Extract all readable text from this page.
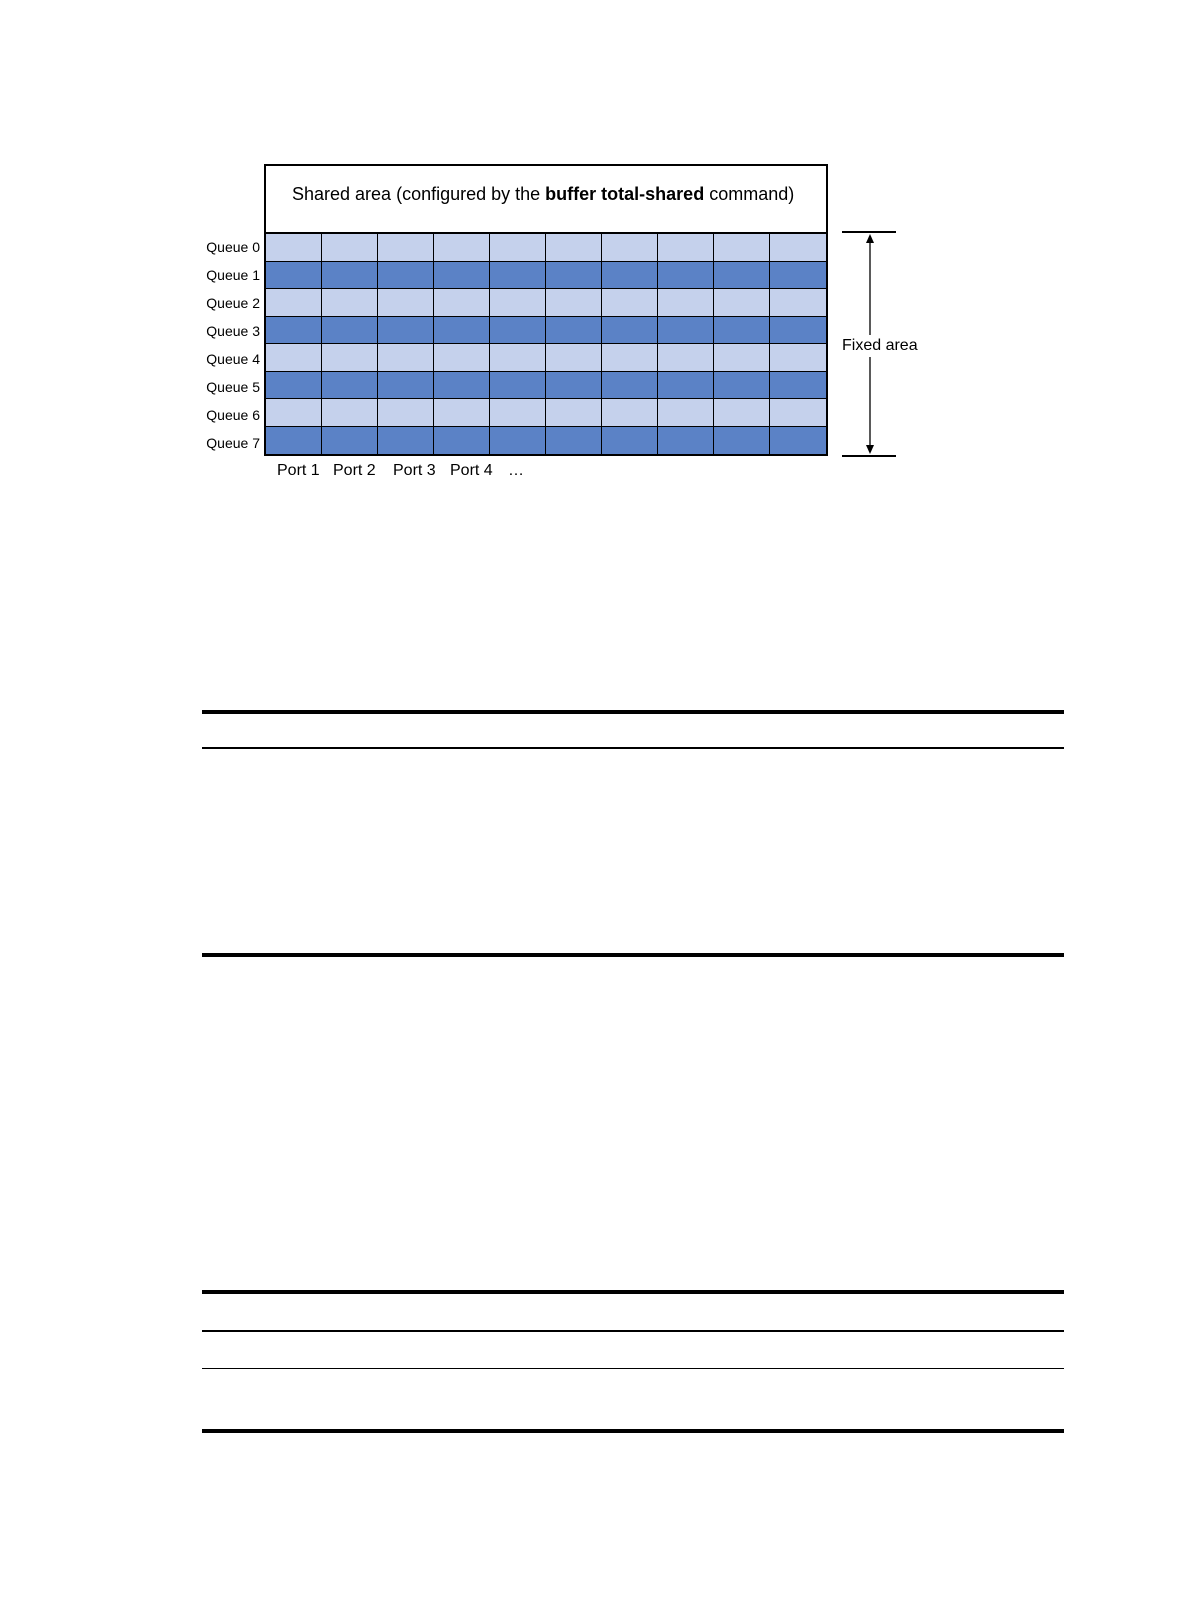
Shared area (configured by the buffer total-shared command)
Queue 0
Queue 1
Queue 2
Queue 3
Queue 4
Queue 5
Queue 6
Queue 7
Port 1 Port 2 Port 3 Port 4 …
Fixed area
